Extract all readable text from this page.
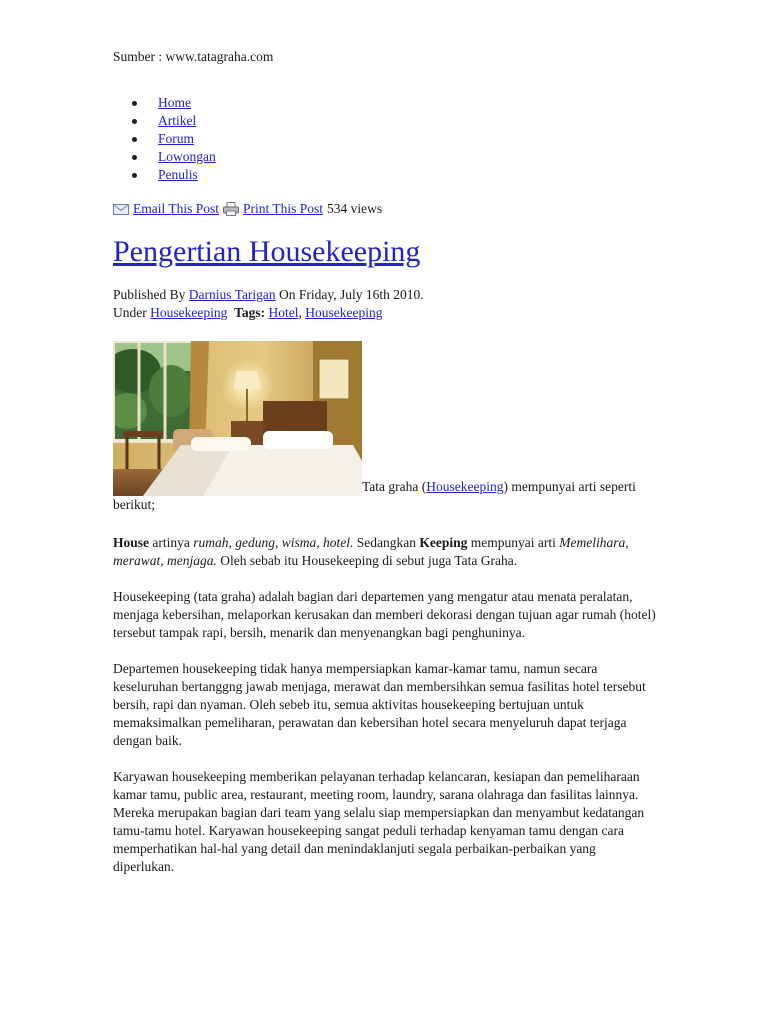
Sumber : www.tatagraha.com
Home
Artikel
Forum
Lowongan
Penulis
Email This Post Print This Post 534 views
Pengertian Housekeeping
Published By Darnius Tarigan On Friday, July 16th 2010.
Under Housekeeping Tags: Hotel, Housekeeping
Tata graha (Housekeeping) mempunyai arti seperti berikut;

House artinya rumah, gedung, wisma, hotel. Sedangkan Keeping mempunyai arti Memelihara, merawat, menjaga. Oleh sebab itu Housekeeping di sebut juga Tata Graha.

Housekeeping (tata graha) adalah bagian dari departemen yang mengatur atau menata peralatan, menjaga kebersihan, melaporkan kerusakan dan memberi dekorasi dengan tujuan agar rumah (hotel) tersebut tampak rapi, bersih, menarik dan menyenangkan bagi penghuninya.

Departemen housekeeping tidak hanya mempersiapkan kamar-kamar tamu, namun secara keseluruhan bertanggng jawab menjaga, merawat dan membersihkan semua fasilitas hotel tersebut bersih, rapi dan nyaman. Oleh sebeb itu, semua aktivitas housekeeping bertujuan untuk memaksimalkan pemeliharan, perawatan dan kebersihan hotel secara menyeluruh dapat terjaga dengan baik.

Karyawan housekeeping memberikan pelayanan terhadap kelancaran, kesiapan dan pemeliharaan kamar tamu, public area, restaurant, meeting room, laundry, sarana olahraga dan fasilitas lainnya. Mereka merupakan bagian dari team yang selalu siap mempersiapkan dan menyambut kedatangan tamu-tamu hotel. Karyawan housekeeping sangat peduli terhadap kenyaman tamu dengan cara memperhatikan hal-hal yang detail dan menindaklanjuti segala perbaikan-perbaikan yang diperlukan.
